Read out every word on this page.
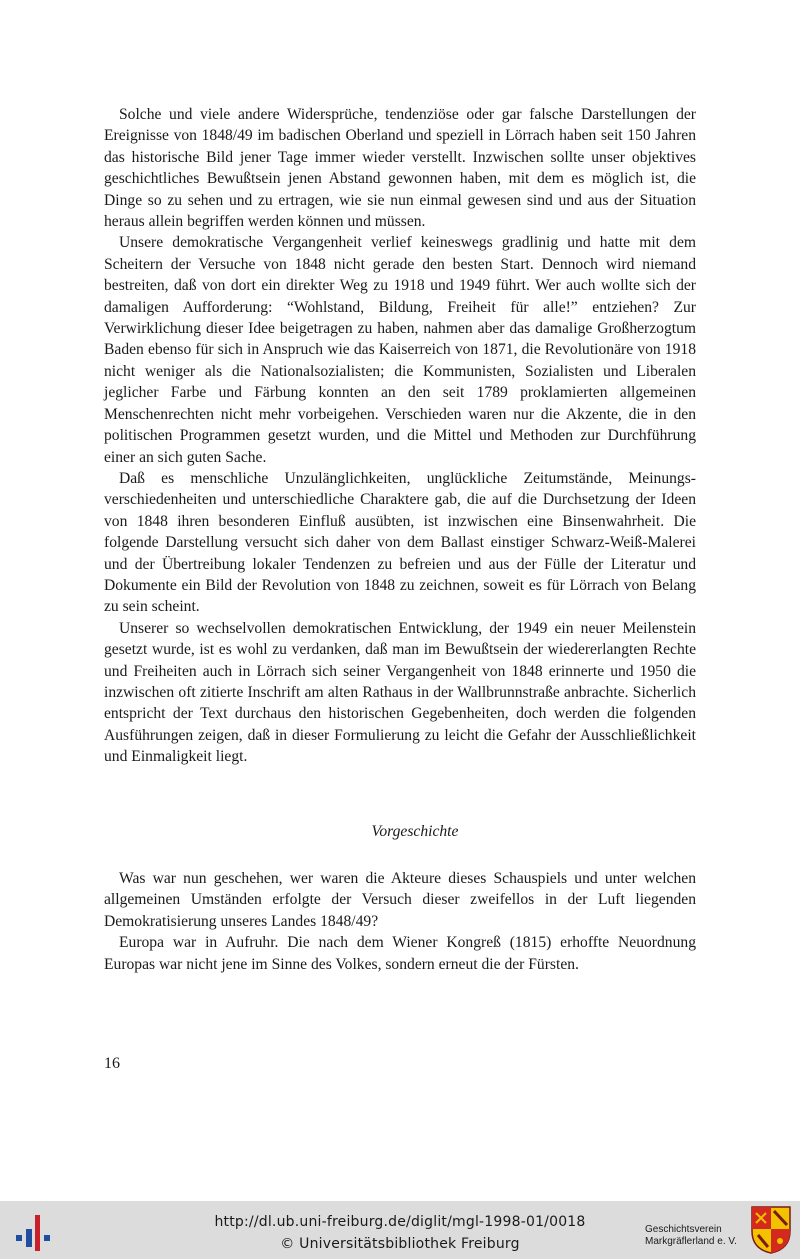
Solche und viele andere Widersprüche, tendenziöse oder gar falsche Darstellungen der Ereignisse von 1848/49 im badischen Oberland und speziell in Lörrach haben seit 150 Jahren das historische Bild jener Tage immer wieder verstellt. Inzwischen sollte unser objektives geschichtliches Bewußtsein jenen Abstand gewonnen haben, mit dem es möglich ist, die Dinge so zu sehen und zu ertragen, wie sie nun einmal gewesen sind und aus der Situation heraus allein begriffen werden können und müssen.

Unsere demokratische Vergangenheit verlief keineswegs gradlinig und hatte mit dem Scheitern der Versuche von 1848 nicht gerade den besten Start. Dennoch wird niemand bestreiten, daß von dort ein direkter Weg zu 1918 und 1949 führt. Wer auch wollte sich der damaligen Aufforderung: “Wohlstand, Bildung, Freiheit für alle!” entziehen? Zur Verwirklichung dieser Idee beigetragen zu haben, nahmen aber das damalige Großherzogtum Baden ebenso für sich in Anspruch wie das Kaiserreich von 1871, die Revolutionäre von 1918 nicht weniger als die Nationalsozialisten; die Kommunisten, Sozialisten und Liberalen jeglicher Farbe und Färbung konnten an den seit 1789 proklamierten allgemeinen Menschenrechten nicht mehr vorbeigehen. Verschieden waren nur die Akzente, die in den politischen Programmen gesetzt wurden, und die Mittel und Methoden zur Durchführung einer an sich guten Sache.

Daß es menschliche Unzulänglichkeiten, unglückliche Zeitumstände, Meinungsverschiedenheiten und unterschiedliche Charaktere gab, die auf die Durchsetzung der Ideen von 1848 ihren besonderen Einfluß ausübten, ist inzwischen eine Binsenwahrheit. Die folgende Darstellung versucht sich daher von dem Ballast einstiger Schwarz-Weiß-Malerei und der Übertreibung lokaler Tendenzen zu befreien und aus der Fülle der Literatur und Dokumente ein Bild der Revolution von 1848 zu zeichnen, soweit es für Lörrach von Belang zu sein scheint.

Unserer so wechselvollen demokratischen Entwicklung, der 1949 ein neuer Meilenstein gesetzt wurde, ist es wohl zu verdanken, daß man im Bewußtsein der wiedererlangten Rechte und Freiheiten auch in Lörrach sich seiner Vergangenheit von 1848 erinnerte und 1950 die inzwischen oft zitierte Inschrift am alten Rathaus in der Wallbrunnstraße anbrachte. Sicherlich entspricht der Text durchaus den historischen Gegebenheiten, doch werden die folgenden Ausführungen zeigen, daß in dieser Formulierung zu leicht die Gefahr der Ausschließlichkeit und Einmaligkeit liegt.

Vorgeschichte

Was war nun geschehen, wer waren die Akteure dieses Schauspiels und unter welchen allgemeinen Umständen erfolgte der Versuch dieser zweifellos in der Luft liegenden Demokratisierung unseres Landes 1848/49?

Europa war in Aufruhr. Die nach dem Wiener Kongreß (1815) erhoffte Neuordnung Europas war nicht jene im Sinne des Volkes, sondern erneut die der Fürsten.

16
http://dl.ub.uni-freiburg.de/diglit/mgl-1998-01/0018
© Universitätsbibliothek Freiburg
Geschichtsverein
Markgräflerland e. V.
